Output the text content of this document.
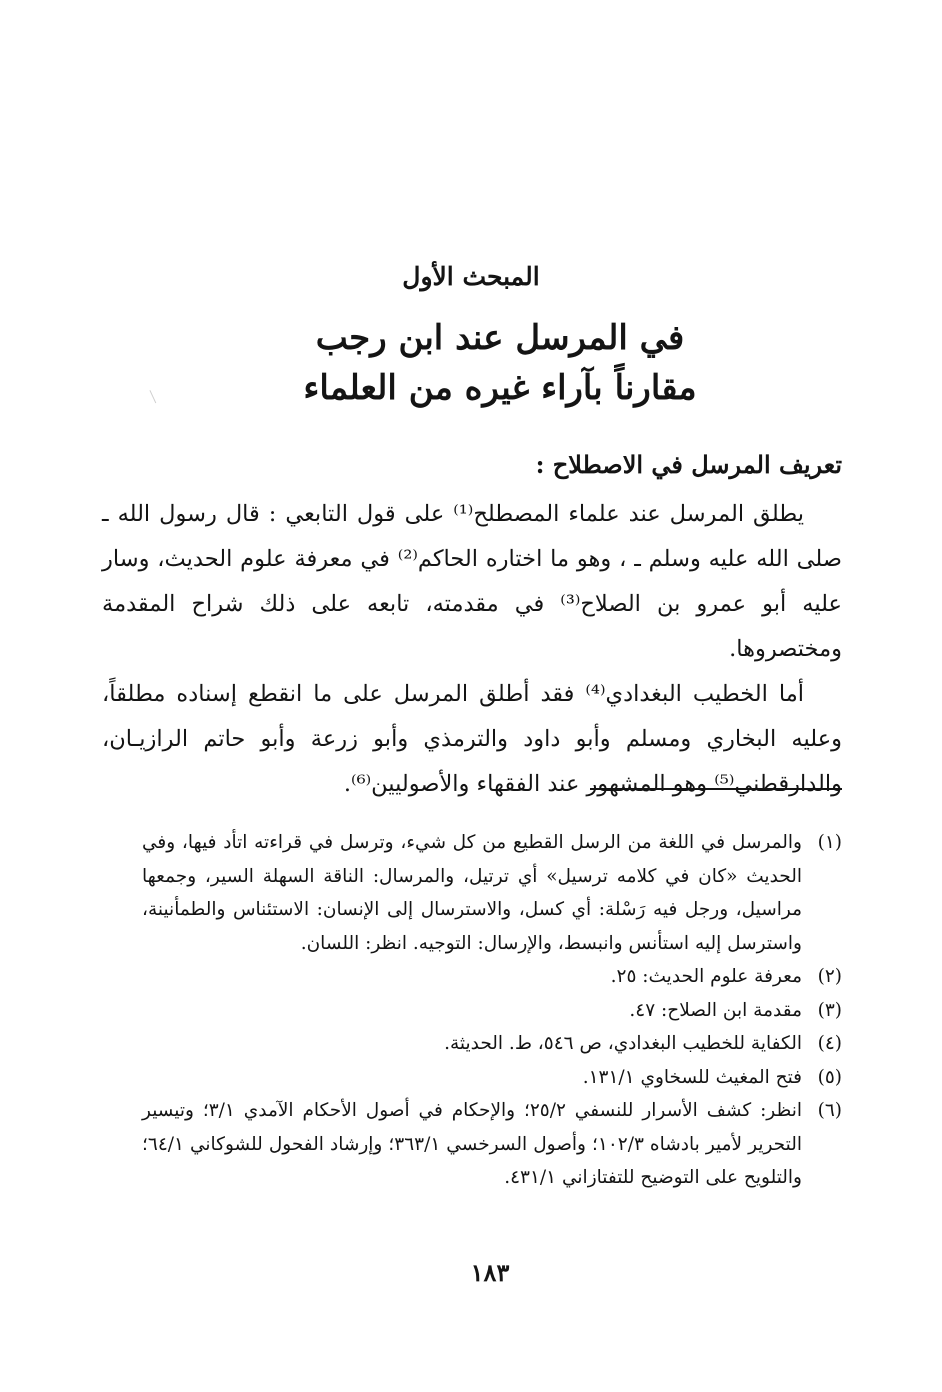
المبحث الأول
في المرسل عند ابن رجب
مقارناً بآراء غيره من العلماء
تعريف المرسل في الاصطلاح :

يطلق المرسل عند علماء المصطلح⁽¹⁾ على قول التابعي : قال رسول الله ـ صلى الله عليه وسلم ـ ، وهو ما اختاره الحاكم⁽²⁾ في معرفة علوم الحديث، وسار عليه أبو عمرو بن الصلاح⁽³⁾ في مقدمته، تابعه على ذلك شراح المقدمة ومختصروها.

أما الخطيب البغدادي⁽⁴⁾ فقد أطلق المرسل على ما انقطع إسناده مطلقاً، وعليه البخاري ومسلم وأبو داود والترمذي وأبو زرعة وأبو حاتم الرازيـان، والدارقطني⁽⁵⁾ وهو المشهور عند الفقهاء والأصوليين⁽⁶⁾.

(١)
والمرسل في اللغة من الرسل القطيع من كل شيء، وترسل في قراءته اتأد فيها، وفي الحديث «كان في كلامه ترسيل» أي ترتيل، والمرسال: الناقة السهلة السير، وجمعها مراسيل، ورجل فيه رَسْلة: أي كسل، والاسترسال إلى الإنسان: الاستئناس والطمأنينة، واسترسل إليه استأنس وانبسط، والإرسال: التوجيه. انظر: اللسان.
(٢)
معرفة علوم الحديث: ٢٥.
(٣)
مقدمة ابن الصلاح: ٤٧.
(٤)
الكفاية للخطيب البغدادي، ص ٥٤٦، ط. الحديثة.
(٥)
فتح المغيث للسخاوي ١٣١/١.
(٦)
انظر: كشف الأسرار للنسفي ٢٥/٢؛ والإحكام في أصول الأحكام الآمدي ٣/١؛ وتيسير التحرير لأمير بادشاه ١٠٢/٣؛ وأصول السرخسي ٣٦٣/١؛ وإرشاد الفحول للشوكاني ٦٤/١؛ والتلويح على التوضيح للتفتازاني ٤٣١/١.
١٨٣
